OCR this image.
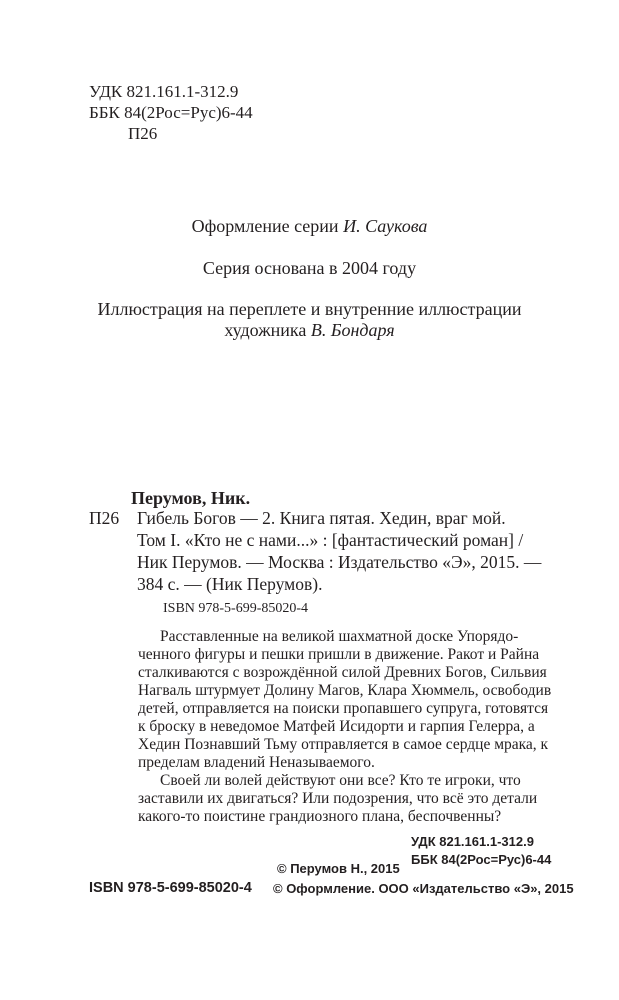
УДК 821.161.1-312.9
ББК 84(2Рос=Рус)6-44
П26
Оформление серии И. Саукова
Серия основана в 2004 году
Иллюстрация на переплете и внутренние иллюстрации
художника В. Бондаря
Перумов, Ник.
П26 Гибель Богов — 2. Книга пятая. Хедин, враг мой.
Том I. «Кто не с нами...» : [фантастический роман] /
Ник Перумов. — Москва : Издательство «Э», 2015. —
384 с. — (Ник Перумов).
ISBN 978-5-699-85020-4
Расставленные на великой шахматной доске Упорядо-
ченного фигуры и пешки пришли в движение. Ракот и Райна
сталкиваются с возрождённой силой Древних Богов, Сильвия
Нагваль штурмует Долину Магов, Клара Хюммель, освободив
детей, отправляется на поиски пропавшего супруга, готовятся
к броску в неведомое Матфей Исидорти и гарпия Гелерра, а
Хедин Познавший Тьму отправляется в самое сердце мрака, к
пределам владений Неназываемого.
Своей ли волей действуют они все? Кто те игроки, что
заставили их двигаться? Или подозрения, что всё это детали
какого-то поистине грандиозного плана, беспочвенны?
УДК 821.161.1-312.9
ББК 84(2Рос=Рус)6-44
© Перумов Н., 2015
ISBN 978-5-699-85020-4 © Оформление. ООО «Издательство «Э», 2015
